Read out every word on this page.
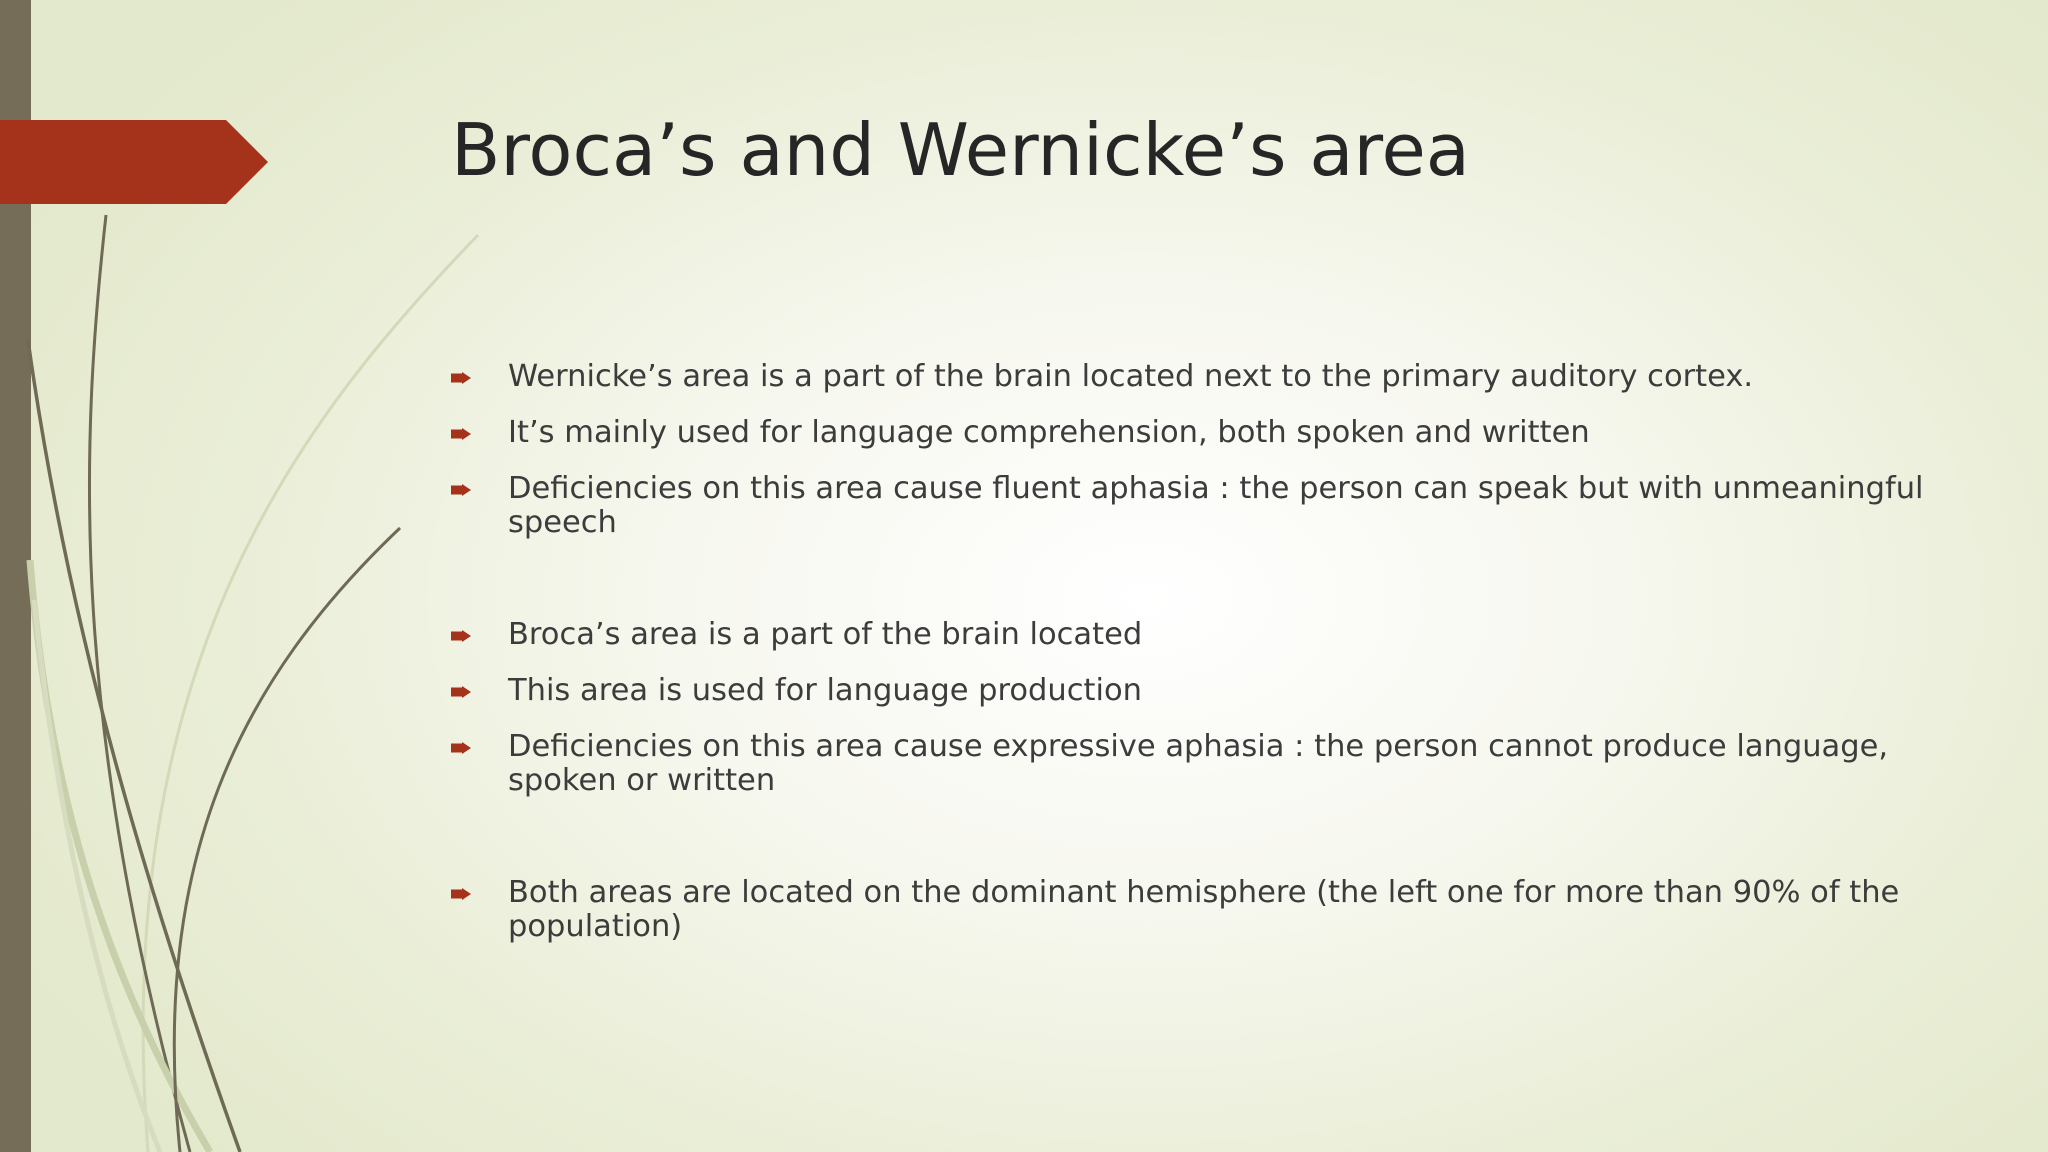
Broca’s and Wernicke’s area
Wernicke’s area is a part of the brain located next to the primary auditory cortex.
It’s mainly used for language comprehension, both spoken and written
Deficiencies on this area cause fluent aphasia : the person can speak but with unmeaningful speech
Broca’s area is a part of the brain located
This area is used for language production
Deficiencies on this area cause expressive aphasia : the person cannot produce language, spoken or written
Both areas are located on the dominant hemisphere (the left one for more than 90% of the population)
